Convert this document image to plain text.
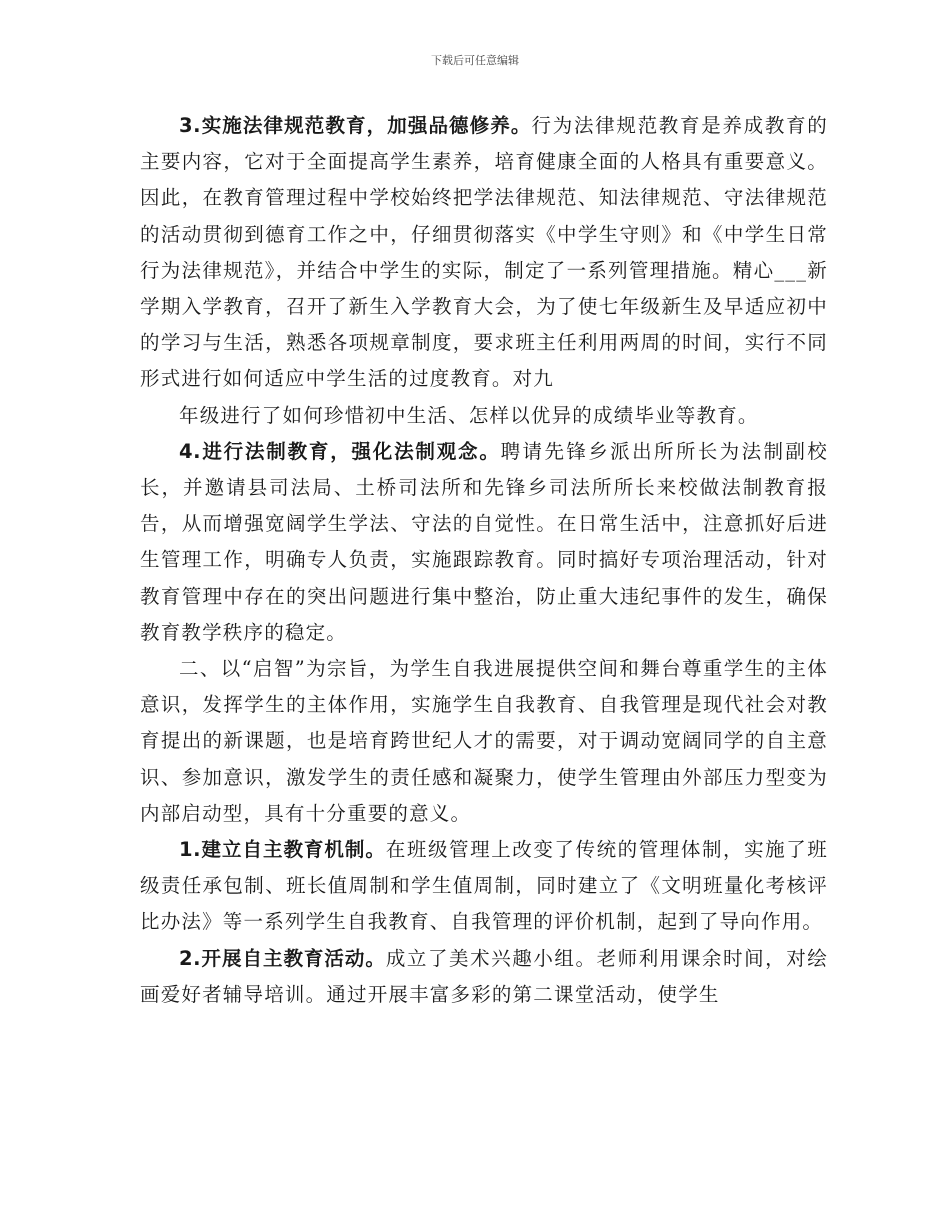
下载后可任意编辑

3.实施法律规范教育，加强品德修养。行为法律规范教育是养成教育的主要内容，它对于全面提高学生素养，培育健康全面的人格具有重要意义。因此，在教育管理过程中学校始终把学法律规范、知法律规范、守法律规范的活动贯彻到德育工作之中，仔细贯彻落实《中学生守则》和《中学生日常行为法律规范》，并结合中学生的实际，制定了一系列管理措施。精心___新学期入学教育，召开了新生入学教育大会，为了使七年级新生及早适应初中的学习与生活，熟悉各项规章制度，要求班主任利用两周的时间，实行不同形式进行如何适应中学生活的过度教育。对九

年级进行了如何珍惜初中生活、怎样以优异的成绩毕业等教育。

4.进行法制教育，强化法制观念。聘请先锋乡派出所所长为法制副校长，并邀请县司法局、土桥司法所和先锋乡司法所所长来校做法制教育报告，从而增强宽阔学生学法、守法的自觉性。在日常生活中，注意抓好后进生管理工作，明确专人负责，实施跟踪教育。同时搞好专项治理活动，针对教育管理中存在的突出问题进行集中整治，防止重大违纪事件的发生，确保教育教学秩序的稳定。

二、以“启智”为宗旨，为学生自我进展提供空间和舞台尊重学生的主体意识，发挥学生的主体作用，实施学生自我教育、自我管理是现代社会对教育提出的新课题，也是培育跨世纪人才的需要，对于调动宽阔同学的自主意识、参加意识，激发学生的责任感和凝聚力，使学生管理由外部压力型变为内部启动型，具有十分重要的意义。

1.建立自主教育机制。在班级管理上改变了传统的管理体制，实施了班级责任承包制、班长值周制和学生值周制，同时建立了《文明班量化考核评比办法》等一系列学生自我教育、自我管理的评价机制，起到了导向作用。

2.开展自主教育活动。成立了美术兴趣小组。老师利用课余时间，对绘画爱好者辅导培训。通过开展丰富多彩的第二课堂活动，使学生
